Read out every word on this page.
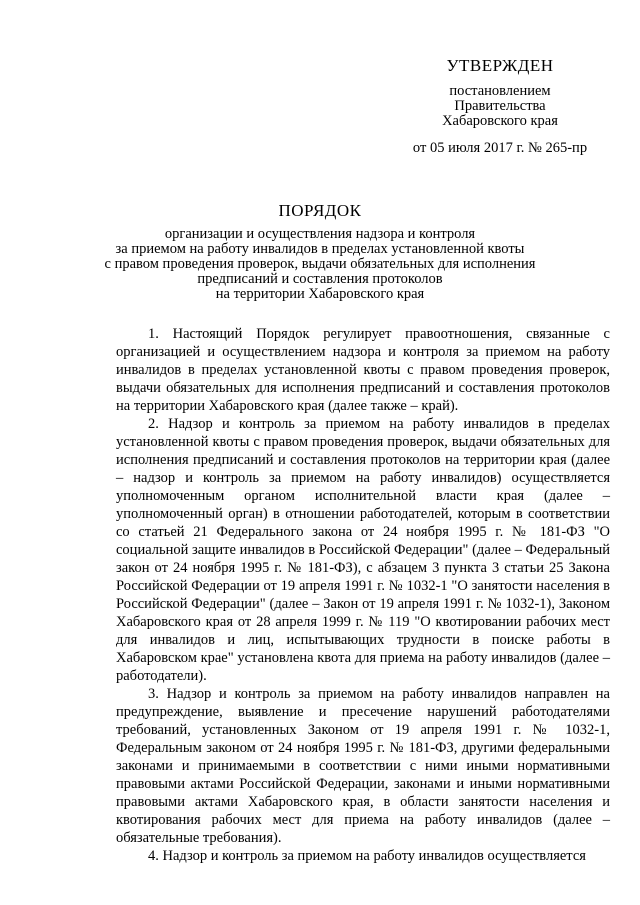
УТВЕРЖДЕН
постановлением
Правительства
Хабаровского края
от 05 июля 2017 г. № 265-пр
ПОРЯДОК
организации и осуществления надзора и контроля
за приемом на работу инвалидов в пределах установленной квоты
с правом проведения проверок, выдачи обязательных для исполнения
предписаний и составления протоколов
на территории Хабаровского края

1. Настоящий Порядок регулирует правоотношения, связанные с организацией и осуществлением надзора и контроля за приемом на работу инвалидов в пределах установленной квоты с правом проведения проверок, выдачи обязательных для исполнения предписаний и составления протоколов на территории Хабаровского края (далее также – край).

2. Надзор и контроль за приемом на работу инвалидов в пределах установленной квоты с правом проведения проверок, выдачи обязательных для исполнения предписаний и составления протоколов на территории края (далее – надзор и контроль за приемом на работу инвалидов) осуществляется уполномоченным органом исполнительной власти края (далее – уполномоченный орган) в отношении работодателей, которым в соответствии со статьей 21 Федерального закона от 24 ноября 1995 г. № 181-ФЗ "О социальной защите инвалидов в Российской Федерации" (далее – Федеральный закон от 24 ноября 1995 г. № 181-ФЗ), с абзацем 3 пункта 3 статьи 25 Закона Российской Федерации от 19 апреля 1991 г. № 1032-1 "О занятости населения в Российской Федерации" (далее – Закон от 19 апреля 1991 г. № 1032-1), Законом Хабаровского края от 28 апреля 1999 г. № 119 "О квотировании рабочих мест для инвалидов и лиц, испытывающих трудности в поиске работы в Хабаровском крае" установлена квота для приема на работу инвалидов (далее – работодатели).

3. Надзор и контроль за приемом на работу инвалидов направлен на предупреждение, выявление и пресечение нарушений работодателями требований, установленных Законом от 19 апреля 1991 г. № 1032-1, Федеральным законом от 24 ноября 1995 г. № 181-ФЗ, другими федеральными законами и принимаемыми в соответствии с ними иными нормативными правовыми актами Российской Федерации, законами и иными нормативными правовыми актами Хабаровского края, в области занятости населения и квотирования рабочих мест для приема на работу инвалидов (далее – обязательные требования).

4. Надзор и контроль за приемом на работу инвалидов осуществляется
